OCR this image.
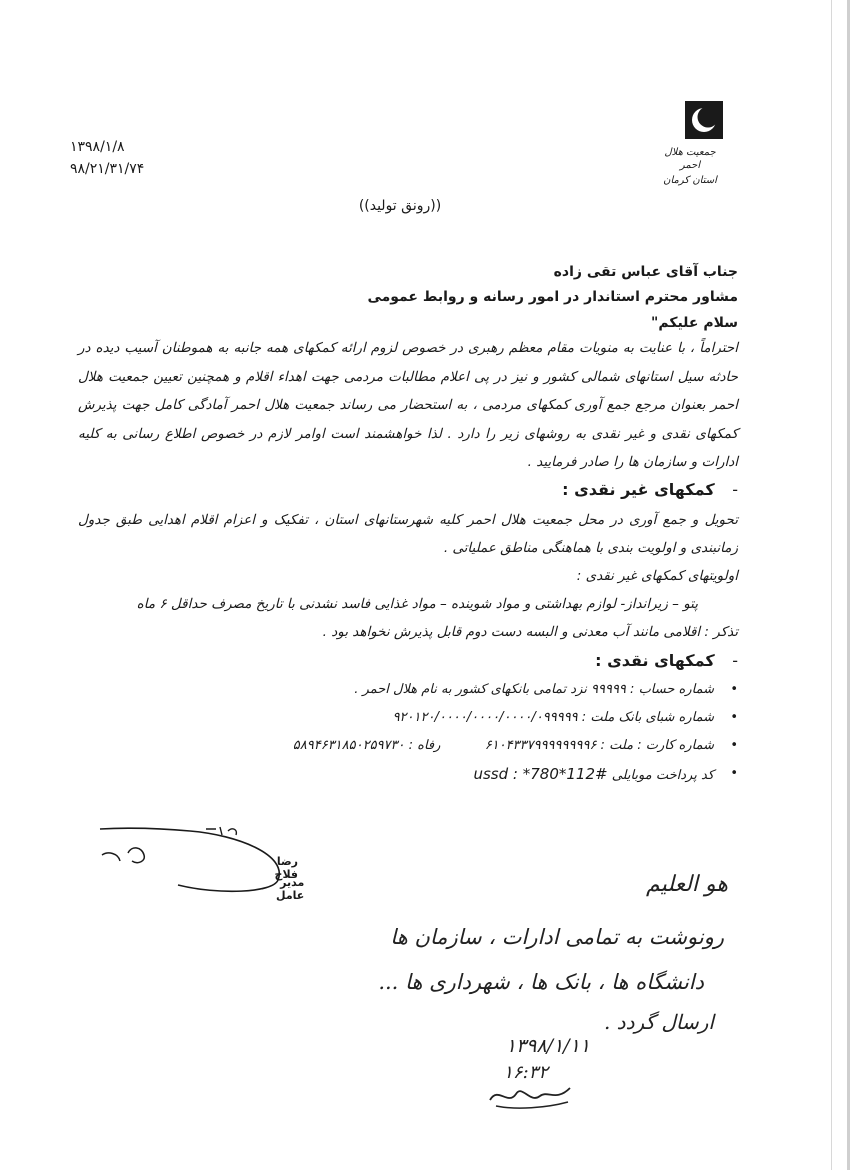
جمعیت هلال احمر
استان کرمان
۱۳۹۸/۱/۸
۹۸/۲۱/۳۱/۷۴
((رونق تولید))
جناب آقای عباس تقی زاده
مشاور محترم استاندار در امور رسانه و روابط عمومی
سلام علیکم"
احتراماً ، با عنایت به منویات مقام معظم رهبری در خصوص لزوم ارائه کمکهای همه جانبه به هموطنان آسیب دیده در حادثه سیل استانهای شمالی کشور و نیز در پی اعلام مطالبات مردمی جهت اهداء اقلام و همچنین تعیین جمعیت هلال احمر بعنوان مرجع جمع آوری کمکهای مردمی ، به استحضار می رساند جمعیت هلال احمر آمادگی کامل جهت پذیرش کمکهای نقدی و غیر نقدی به روشهای زیر را دارد . لذا خواهشمند است اوامر لازم در خصوص اطلاع رسانی به کلیه ادارات و سازمان ها را صادر فرمایید .
- کمکهای غیر نقدی :

تحویل و جمع آوری در محل جمعیت هلال احمر کلیه شهرستانهای استان ، تفکیک و اعزام اقلام اهدایی طبق جدول زمانبندی و اولویت بندی با هماهنگی مناطق عملیاتی .

اولویتهای کمکهای غیر نقدی :

پتو – زیرانداز- لوازم بهداشتی و مواد شوینده – مواد غذایی فاسد نشدنی با تاریخ مصرف حداقل ۶ ماه

تذکر : اقلامی مانند آب معدنی و البسه دست دوم قابل پذیرش نخواهد بود .

- کمکهای نقدی :
•
شماره حساب : ۹۹۹۹۹ نزد تمامی بانکهای کشور به نام هلال احمر .
•
شماره شبای بانک ملت : ۹۲۰۱۲۰/۰۰۰۰/۰۰۰۰/۰۰۰۰/۰۹۹۹۹۹
•
شماره کارت : ملت : ۶۱۰۴۳۳۷۹۹۹۹۹۹۹۹۶  رفاه : ۵۸۹۴۶۳۱۸۵۰۲۵۹۷۳۰
•
کد پرداخت موبایلی ussd : *780*112#
رضا فلاح
مدیر عامل	هو العلیم
رونوشت به تمامی ادارات ، سازمان ها
دانشگاه ها ، بانک ها ، شهرداری ها ...
ارسال گردد .
۱۳۹۸/۱/۱۱
۱۶:۳۲
